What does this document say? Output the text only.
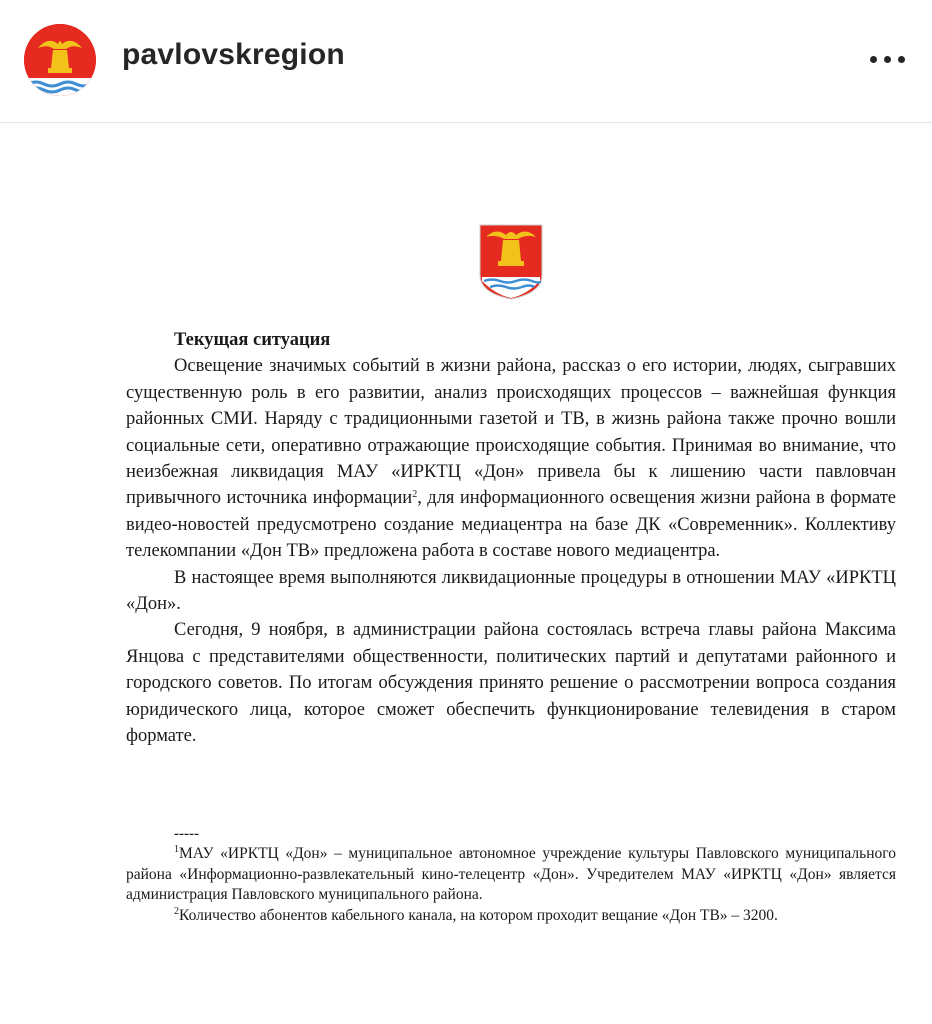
pavlovskregion
Текущая ситуация

Освещение значимых событий в жизни района, рассказ о его истории, людях, сыгравших существенную роль в его развитии, анализ происходящих процессов – важнейшая функция районных СМИ. Наряду с традиционными газетой и ТВ, в жизнь района также прочно вошли социальные сети, оперативно отражающие происходящие события. Принимая во внимание, что неизбежная ликвидация МАУ «ИРКТЦ «Дон» привела бы к лишению части павловчан привычного источника информации$^2$, для информационного освещения жизни района в формате видео-новостей предусмотрено создание медиацентра на базе ДК «Современник». Коллективу телекомпании «Дон ТВ» предложена работа в составе нового медиацентра.

В настоящее время выполняются ликвидационные процедуры в отношении МАУ «ИРКТЦ «Дон».

Сегодня, 9 ноября, в администрации района состоялась встреча главы района Максима Янцова с представителями общественности, политических партий и депутатами районного и городского советов. По итогам обсуждения принято решение о рассмотрении вопроса создания юридического лица, которое сможет обеспечить функционирование телевидения в старом формате.

-----

$^1$МАУ «ИРКТЦ «Дон» – муниципальное автономное учреждение культуры Павловского муниципального района «Информационно-развлекательный кино-телецентр «Дон». Учредителем МАУ «ИРКТЦ «Дон» является администрация Павловского муниципального района.

$^2$Количество абонентов кабельного канала, на котором проходит вещание «Дон ТВ» – 3200.
